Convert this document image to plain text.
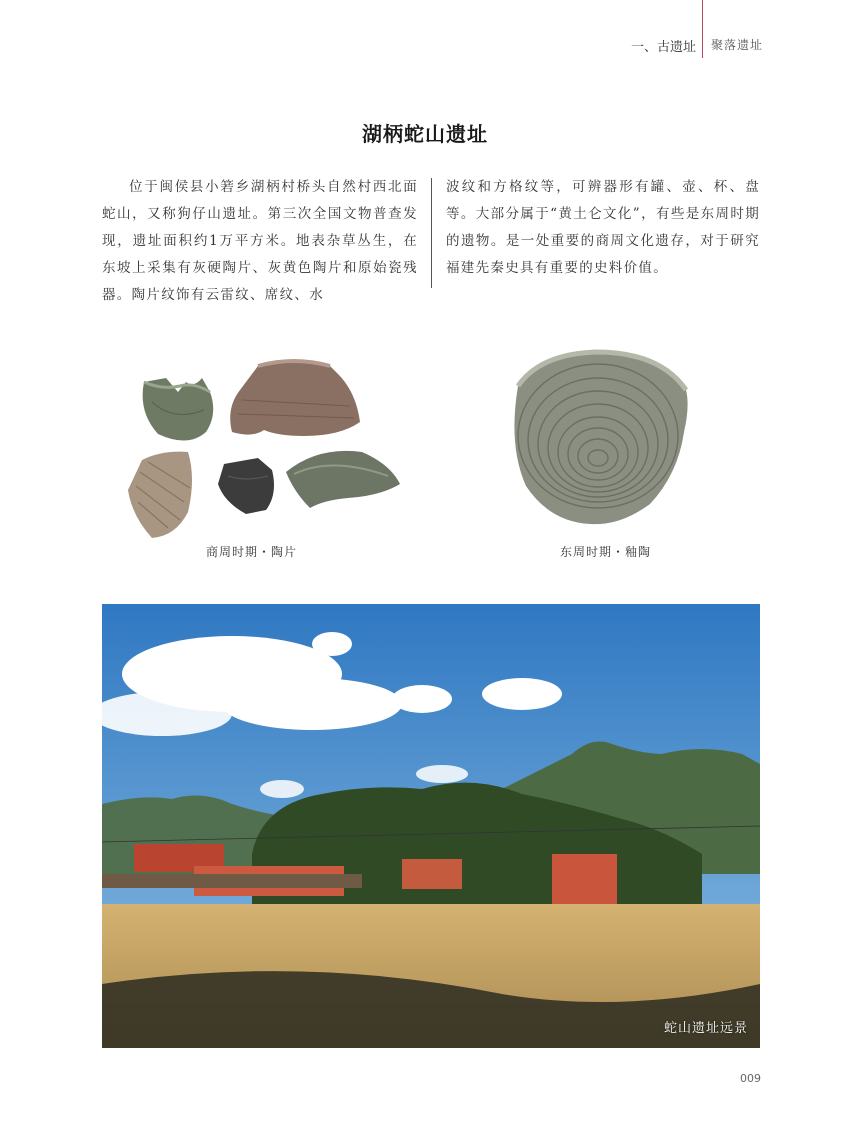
一、古遗址 聚落遗址
湖柄蛇山遗址
位于闽侯县小箬乡湖柄村桥头自然村西北面蛇山，又称狗仔山遗址。第三次全国文物普查发现，遗址面积约1万平方米。地表杂草丛生，在东坡上采集有灰硬陶片、灰黄色陶片和原始瓷残器。陶片纹饰有云雷纹、席纹、水
波纹和方格纹等，可辨器形有罐、壶、杯、盘等。大部分属于“黄土仑文化”，有些是东周时期的遗物。是一处重要的商周文化遗存，对于研究福建先秦史具有重要的史料价值。
商周时期・陶片	东周时期・釉陶
蛇山遗址远景
009
